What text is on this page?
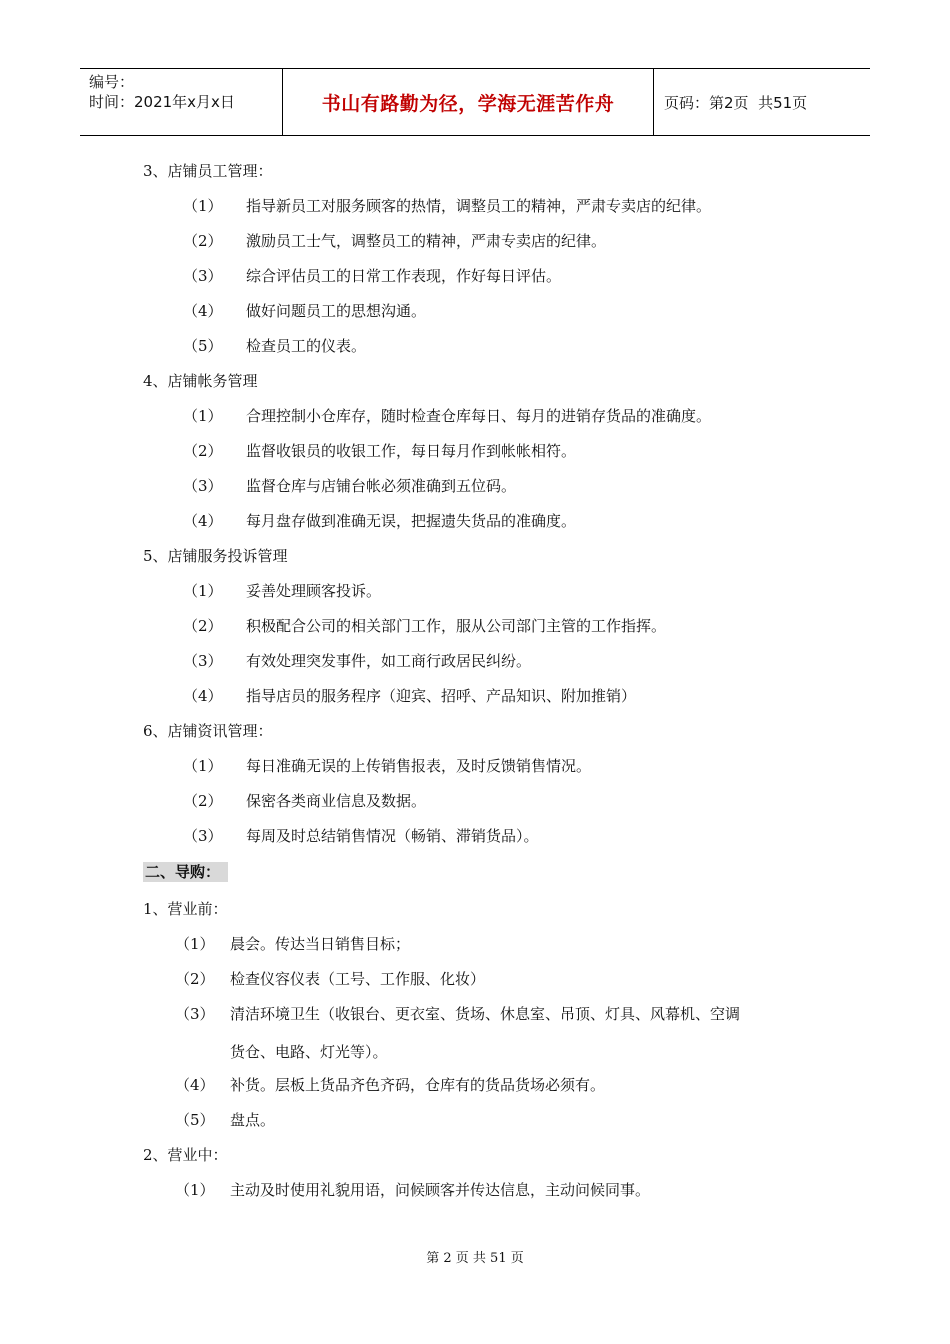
编号：
时间：2021年x月x日	书山有路勤为径，学海无涯苦作舟	页码：第2页  共51页
3、店铺员工管理：
（1） 指导新员工对服务顾客的热情，调整员工的精神，严肃专卖店的纪律。
（2） 激励员工士气，调整员工的精神，严肃专卖店的纪律。
（3） 综合评估员工的日常工作表现，作好每日评估。
（4） 做好问题员工的思想沟通。
（5） 检查员工的仪表。
4、店铺帐务管理
（1） 合理控制小仓库存，随时检查仓库每日、每月的进销存货品的准确度。
（2） 监督收银员的收银工作，每日每月作到帐帐相符。
（3） 监督仓库与店铺台帐必须准确到五位码。
（4） 每月盘存做到准确无误，把握遗失货品的准确度。
5、店铺服务投诉管理
（1） 妥善处理顾客投诉。
（2） 积极配合公司的相关部门工作，服从公司部门主管的工作指挥。
（3） 有效处理突发事件，如工商行政居民纠纷。
（4） 指导店员的服务程序（迎宾、招呼、产品知识、附加推销）
6、店铺资讯管理：
（1） 每日准确无误的上传销售报表，及时反馈销售情况。
（2） 保密各类商业信息及数据。
（3） 每周及时总结销售情况（畅销、滞销货品）。
二、导购：
1、营业前：
（1） 晨会。传达当日销售目标；
（2） 检查仪容仪表（工号、工作服、化妆）
（3） 清洁环境卫生（收银台、更衣室、货场、休息室、吊顶、灯具、风幕机、空调
货仓、电路、灯光等）。
（4） 补货。层板上货品齐色齐码，仓库有的货品货场必须有。
（5） 盘点。
2、营业中：
（1） 主动及时使用礼貌用语，问候顾客并传达信息，主动问候同事。
第 2 页 共 51 页
